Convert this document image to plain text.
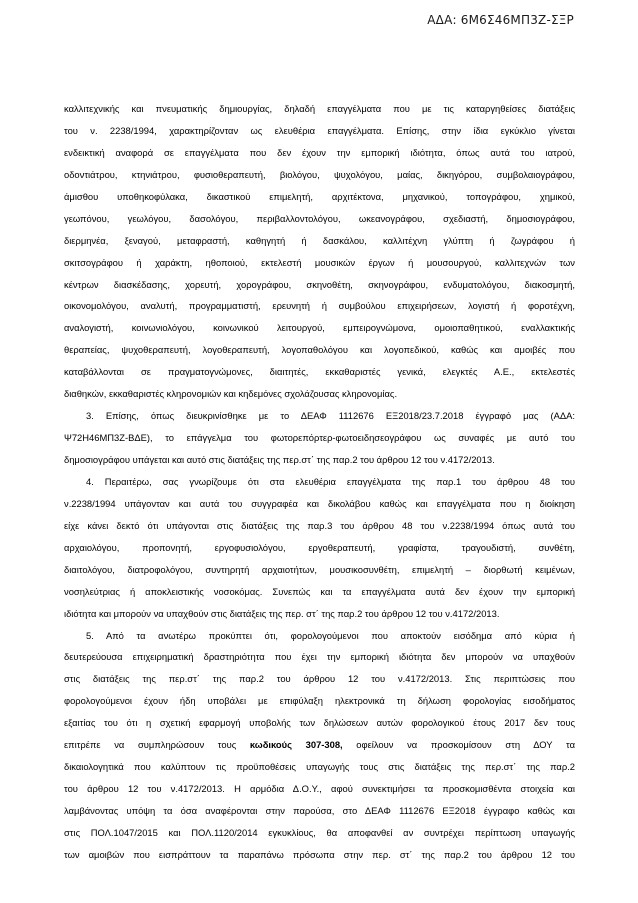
ΑΔΑ: 6Μ6Σ46ΜΠ3Ζ-ΣΞΡ
καλλιτεχνικής και πνευματικής δημιουργίας, δηλαδή επαγγέλματα που με τις καταργηθείσες διατάξεις
του ν. 2238/1994, χαρακτηρίζονταν ως ελευθέρια επαγγέλματα. Επίσης, στην ίδια εγκύκλιο γίνεται
ενδεικτική αναφορά σε επαγγέλματα που δεν έχουν την εμπορική ιδιότητα, όπως αυτά του ιατρού,
οδοντιάτρου, κτηνιάτρου, φυσιοθεραπευτή, βιολόγου, ψυχολόγου, μαίας, δικηγόρου, συμβολαιογράφου,
άμισθου υποθηκοφύλακα, δικαστικού επιμελητή, αρχιτέκτονα, μηχανικού, τοπογράφου, χημικού,
γεωπόνου, γεωλόγου, δασολόγου, περιβαλλοντολόγου, ωκεανογράφου, σχεδιαστή, δημοσιογράφου,
διερμηνέα, ξεναγού, μεταφραστή, καθηγητή ή δασκάλου, καλλιτέχνη γλύπτη ή ζωγράφου ή
σκιτσογράφου ή χαράκτη, ηθοποιού, εκτελεστή μουσικών έργων ή μουσουργού, καλλιτεχνών των
κέντρων διασκέδασης, χορευτή, χορογράφου, σκηνοθέτη, σκηνογράφου, ενδυματολόγου, διακοσμητή,
οικονομολόγου, αναλυτή, προγραμματιστή, ερευνητή ή συμβούλου επιχειρήσεων, λογιστή ή φοροτέχνη,
αναλογιστή, κοινωνιολόγου, κοινωνικού λειτουργού, εμπειρογνώμονα, ομοιοπαθητικού, εναλλακτικής
θεραπείας, ψυχοθεραπευτή, λογοθεραπευτή, λογοπαθολόγου και λογοπεδικού, καθώς και αμοιβές που
καταβάλλονται σε πραγματογνώμονες, διαιτητές, εκκαθαριστές γενικά, ελεγκτές Α.Ε., εκτελεστές
διαθηκών, εκκαθαριστές κληρονομιών και κηδεμόνες σχολάζουσας κληρονομίας.
3. Επίσης, όπως διευκρινίσθηκε με το ΔΕΑΦ 1112676 ΕΞ2018/23.7.2018 έγγραφό μας (ΑΔΑ:
Ψ72Η46ΜΠ3Ζ-ΒΔΕ), το επάγγελμα του φωτορεπόρτερ-φωτοειδησεογράφου ως συναφές με αυτό του
δημοσιογράφου υπάγεται και αυτό στις διατάξεις της περ.στ΄ της παρ.2 του άρθρου 12 του ν.4172/2013.
4. Περαιτέρω, σας γνωρίζουμε ότι στα ελευθέρια επαγγέλματα της παρ.1 του άρθρου 48 του
ν.2238/1994 υπάγονταν και αυτά του συγγραφέα και δικολάβου καθώς και επαγγέλματα που η διοίκηση
είχε κάνει δεκτό ότι υπάγονται στις διατάξεις της παρ.3 του άρθρου 48 του ν.2238/1994 όπως αυτά του
αρχαιολόγου, προπονητή, εργοφυσιολόγου, εργοθεραπευτή, γραφίστα, τραγουδιστή, συνθέτη,
διαιτολόγου, διατροφολόγου, συντηρητή αρχαιοτήτων, μουσικοσυνθέτη, επιμελητή – διορθωτή κειμένων,
νοσηλεύτριας ή αποκλειστικής νοσοκόμας. Συνεπώς και τα επαγγέλματα αυτά δεν έχουν την εμπορική
ιδιότητα και μπορούν να υπαχθούν στις διατάξεις της περ. στ΄ της παρ.2 του άρθρου 12 του ν.4172/2013.
5. Από τα ανωτέρω προκύπτει ότι, φορολογούμενοι που αποκτούν εισόδημα από κύρια ή
δευτερεύουσα επιχειρηματική δραστηριότητα που έχει την εμπορική ιδιότητα δεν μπορούν να υπαχθούν
στις διατάξεις της περ.στ΄ της παρ.2 του άρθρου 12 του ν.4172/2013. Στις περιπτώσεις που
φορολογούμενοι έχουν ήδη υποβάλει με επιφύλαξη ηλεκτρονικά τη δήλωση φορολογίας εισοδήματος
εξαιτίας του ότι η σχετική εφαρμογή υποβολής των δηλώσεων αυτών φορολογικού έτους 2017 δεν τους
επιτρέπε να συμπληρώσουν τους κωδικούς 307-308, οφείλουν να προσκομίσουν στη ΔΟΥ τα
δικαιολογητικά που καλύπτουν τις προϋποθέσεις υπαγωγής τους στις διατάξεις της περ.στ΄ της παρ.2
του άρθρου 12 του ν.4172/2013. Η αρμόδια Δ.Ο.Υ., αφού συνεκτιμήσει τα προσκομισθέντα στοιχεία και
λαμβάνοντας υπόψη τα όσα αναφέρονται στην παρούσα, στο ΔΕΑΦ 1112676 ΕΞ2018 έγγραφο καθώς και
στις ΠΟΛ.1047/2015 και ΠΟΛ.1120/2014 εγκυκλίους, θα αποφανθεί αν συντρέχει περίπτωση υπαγωγής
των αμοιβών που εισπράττουν τα παραπάνω πρόσωπα στην περ. στ΄ της παρ.2 του άρθρου 12 του
